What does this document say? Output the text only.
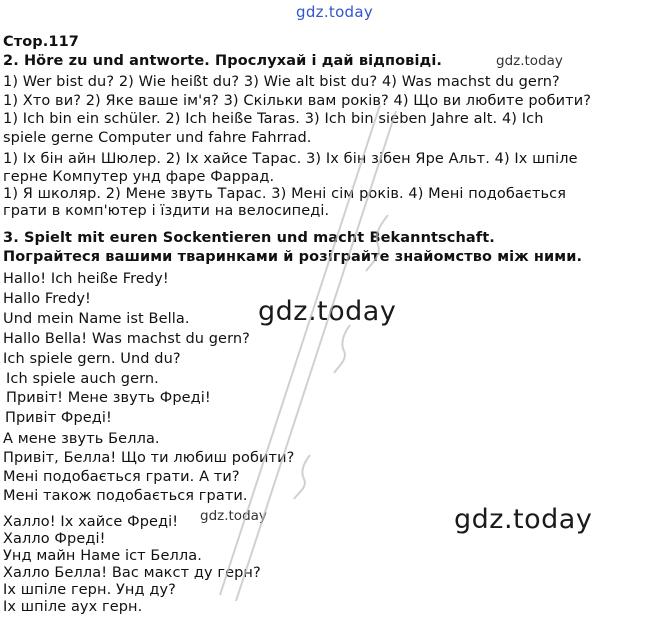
gdz.today
Стор.117
2. Höre zu und antworte. Прослухай і дай відповіді.	gdz.today
1) Wer bist du? 2) Wie heißt du? 3) Wie alt bist du? 4) Was machst du gern?
1) Хто ви? 2) Яке ваше ім'я? 3) Скільки вам років? 4) Що ви любите робити?
1) Ich bin ein schüler. 2) Ich heiße Taras. 3) Ich bin sieben Jahre alt. 4) Ich
spiele gerne Computer und fahre Fahrrad.
1) Іх бін айн Шюлер. 2) Іх хайсе Тарас. 3) Іх бін зібен Яре Альт. 4) Іх шпіле
герне Компутер унд фаре Фаррад.
1) Я школяр. 2) Мене звуть Тарас. 3) Мені сім років. 4) Мені подобається
грати в комп'ютер і їздити на велосипеді.
3. Spielt mit euren Sockentieren und macht Bekanntschaft.
Пограйтеся вашими тваринками й розіграйте знайомство між ними.
Hallo! Ich heiße Fredy!
Hallo Fredy!
Und mein Name ist Bella.
Hallo Bella! Was machst du gern?
Ich spiele gern. Und du?
Ich spiele auch gern.
Привіт! Мене звуть Фреді!
Привіт Фреді!
А мене звуть Белла.
Привіт, Белла! Що ти любиш робити?
Мені подобається грати. А ти?
Мені також подобається грати.
Халло! Іх хайсе Фреді! gdz.today
Халло Фреді!
Унд майн Наме іст Белла.
Халло Белла! Вас макст ду герн?
Іх шпіле герн. Унд ду?
Іх шпіле аух герн.
gdz.today
gdz.today
